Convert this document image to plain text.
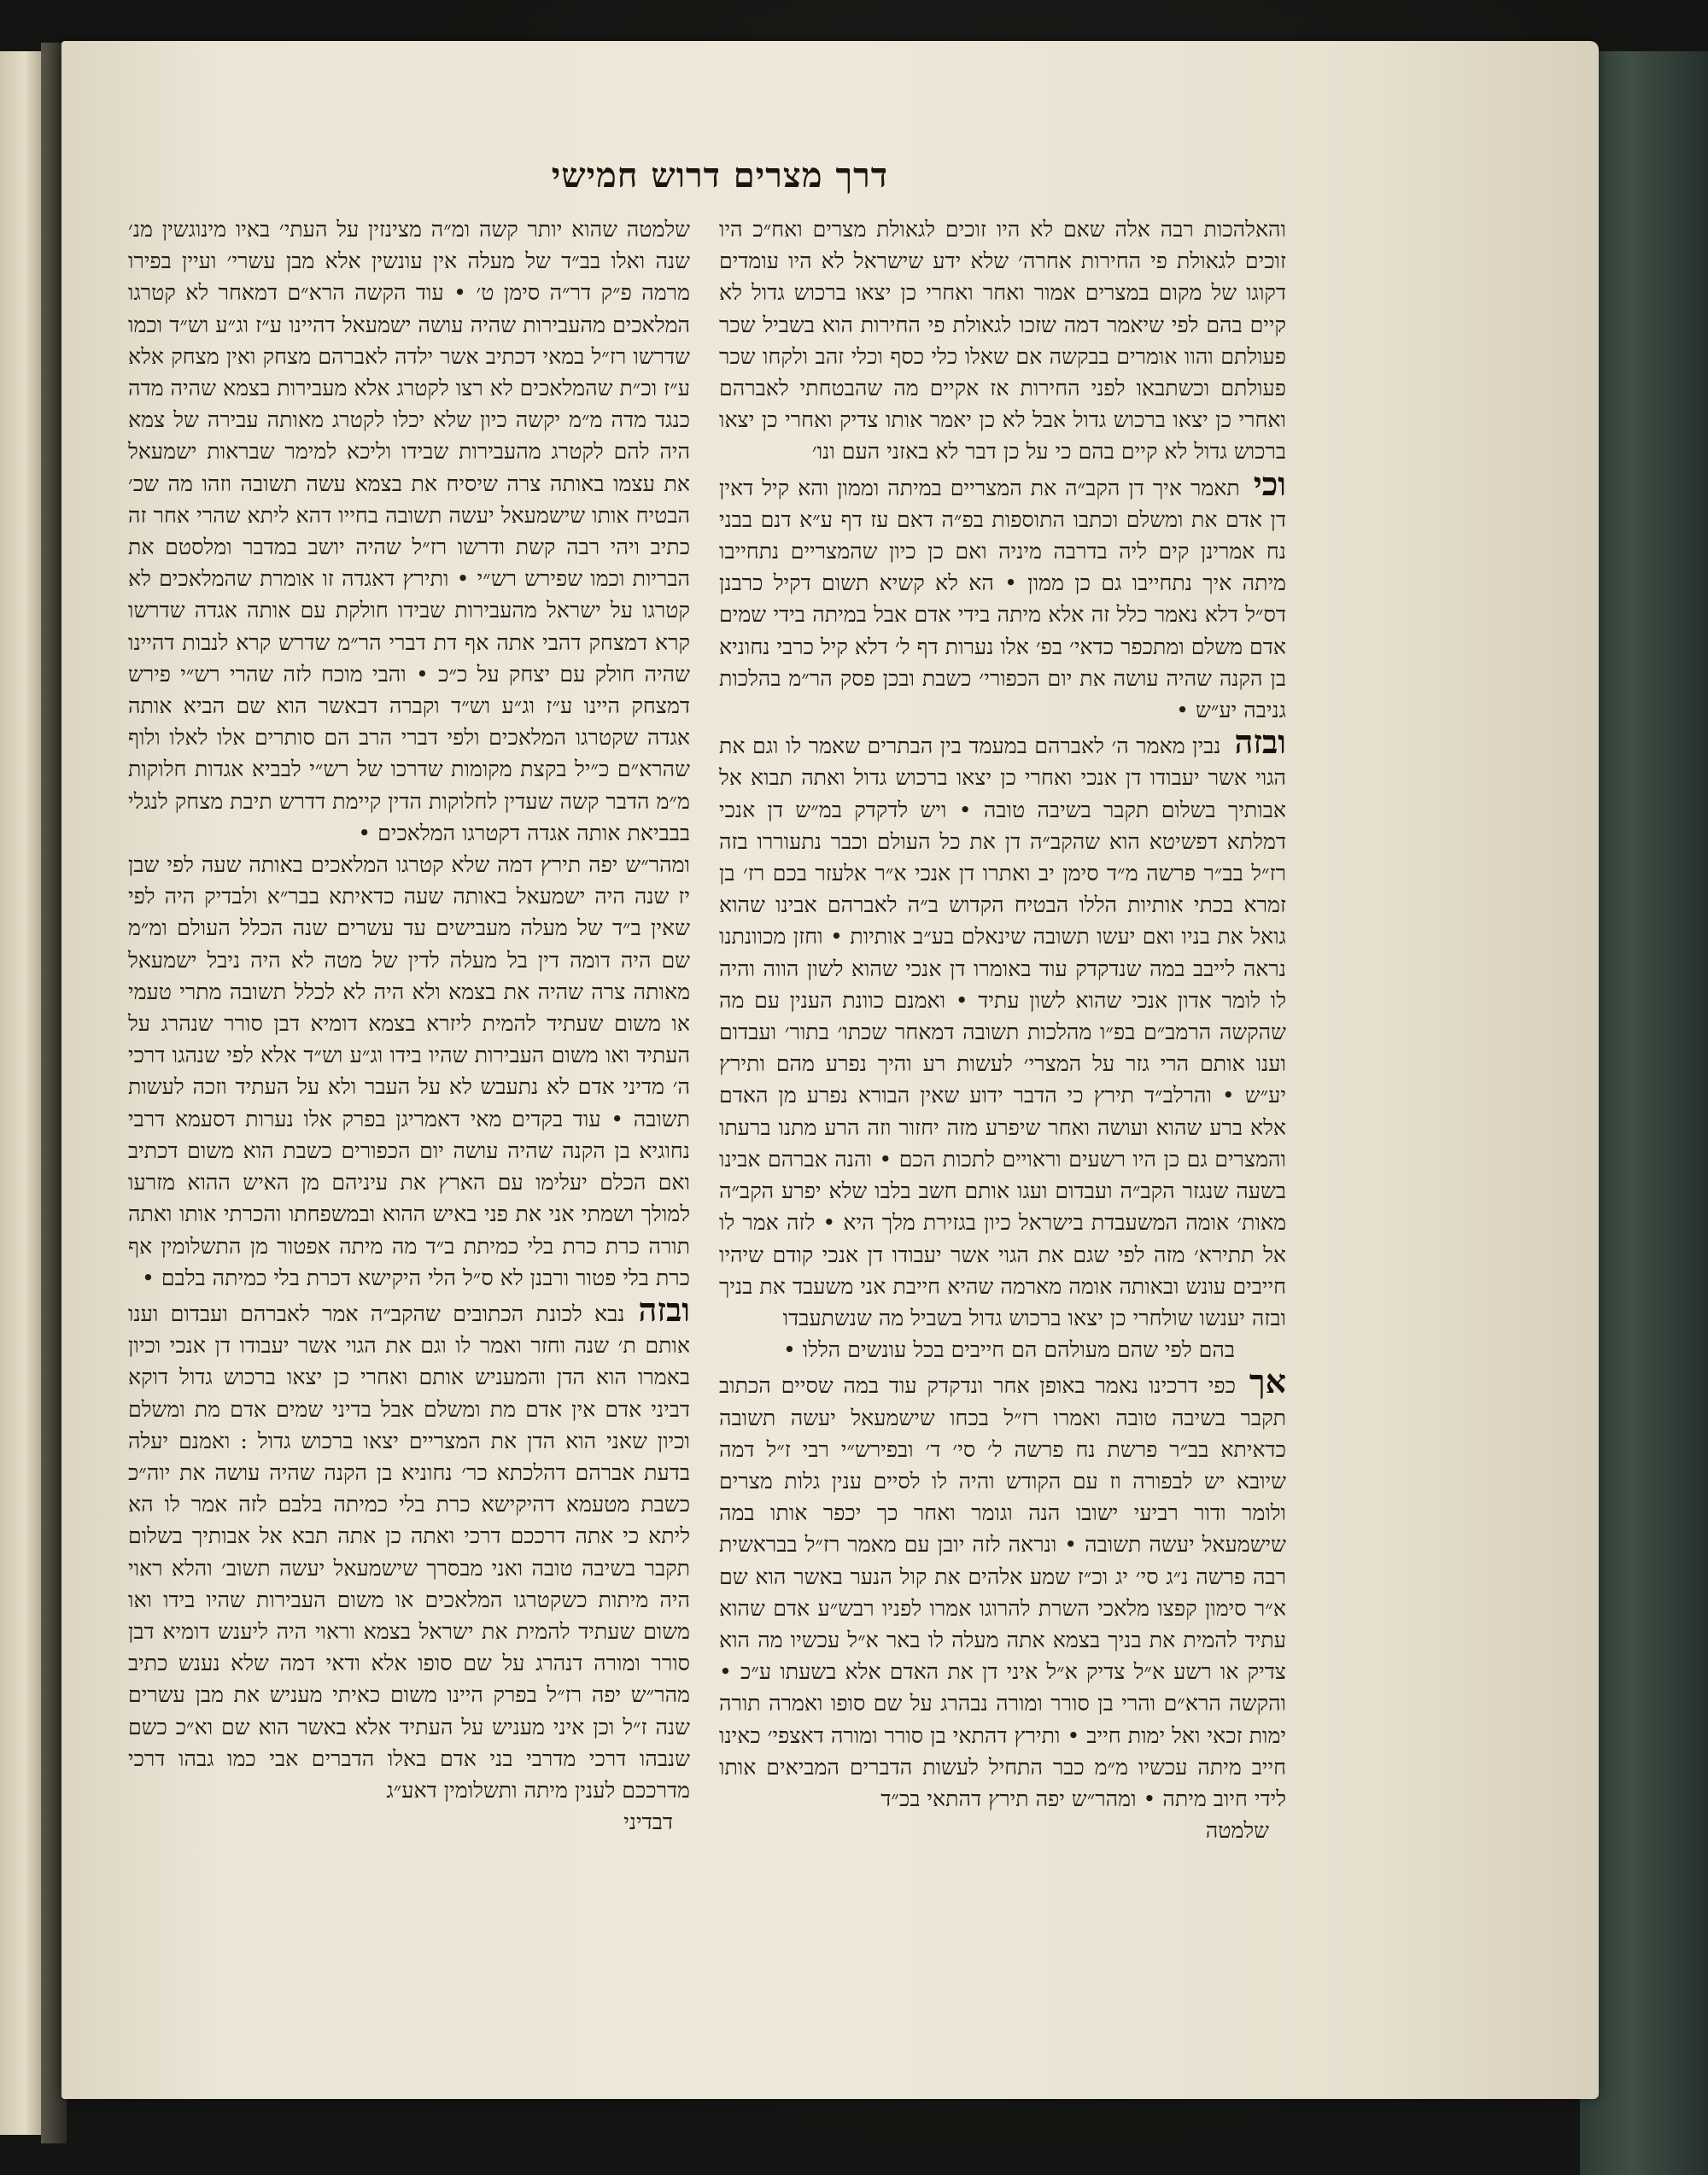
דרך מצרים דרוש חמישי

והאלהכות רבה אלה שאם לא היו זוכים לגאולת מצרים ואח״כ היו זוכים לגאולת פי החירות אחרה׳ שלא ידע שישראל לא היו עומדים דקוגו של מקום במצרים אמור ואחר ואחרי כן יצאו ברכוש גדול לא קיים בהם לפי שיאמר דמה שזכו לגאולת פי החירות הוא בשביל שכר פעולתם והוו אומרים בבקשה אם שאלו כלי כסף וכלי זהב ולקחו שכר פעולתם וכשתבאו לפני החירות אז אקיים מה שהבטחתי לאברהם ואחרי כן יצאו ברכוש גדול אבל לא כן יאמר אותו צדיק ואחרי כן יצאו ברכוש גדול לא קיים בהם כי על כן דבר לא באזני העם ונו׳

וכיתאמר איך דן הקב״ה את המצריים במיתה וממון והא קיל דאין דן אדם את ומשלם וכתבו התוספות בפ״ה דאם עז דף ע״א דנם בבני נח אמרינן קים ליה בדרבה מיניה ואם כן כיון שהמצריים נתחייבו מיתה איך נתחייבו גם כן ממון • הא לא קשיא תשום דקיל כרבנן דס״ל דלא נאמר כלל זה אלא מיתה בידי אדם אבל במיתה בידי שמים אדם משלם ומתכפר כדאי׳ בפ׳ אלו נערות דף ל׳ דלא קיל כרבי נחוניא בן הקנה שהיה עושה את יום הכפורי׳ כשבת ובכן פסק הר״מ בהלכות גניבה יע״ש •

ובזהנבין מאמר ה׳ לאברהם במעמד בין הבתרים שאמר לו וגם את הגוי אשר יעבודו דן אנכי ואחרי כן יצאו ברכוש גדול ואתה תבוא אל אבותיך בשלום תקבר בשיבה טובה • ויש לדקדק במ״ש דן אנכי דמלתא דפשיטא הוא שהקב״ה דן את כל העולם וכבר נתעוררו בזה רז״ל בב״ר פרשה מ״ד סימן יב ואתרו דן אנכי א״ר אלעזר בכם רז׳ בן זמרא בכתי אותיות הללו הבטיח הקדוש ב״ה לאברהם אבינו שהוא גואל את בניו ואם יעשו תשובה שינאלם בע״ב אותיות • וחזן מכוונתנו נראה לייבב במה שנדקדק עוד באומרו דן אנכי שהוא לשון הווה והיה לו לומר אדון אנכי שהוא לשון עתיד • ואמנם כוונת הענין עם מה שהקשה הרמב״ם בפ״ו מהלכות תשובה דמאחר שכתו׳ בתור׳ ועבדום וענו אותם הרי גזר על המצרי׳ לעשות רע והיך נפרע מהם ותירץ יע״ש • והרלב״ד תירץ כי הדבר ידוע שאין הבורא נפרע מן האדם אלא ברע שהוא ועושה ואחר שיפרע מזה יחזור וזה הרע מתנו ברעתו והמצרים גם כן היו רשעים וראויים לתכות הכם • והנה אברהם אבינו בשעה שנגזר הקב״ה ועבדום ועגו אותם חשב בלבו שלא יפרע הקב״ה מאות׳ אומה המשעבדת בישראל כיון בגזירת מלך היא • לזה אמר לו אל תתירא׳ מזה לפי שגם את הגוי אשר יעבודו דן אנכי קודם שיהיו חייבים עונש ובאותה אומה מארמה שהיא חייבת אני משעבד את בניך ובזה יענשו שולחרי כן יצאו ברכוש גדול בשביל מה שנשתעבדו

בהם לפי שהם מעולהם הם חייבים בכל עונשים הללו •

אךכפי דרכינו נאמר באופן אחר ונדקדק עוד במה שסיים הכתוב תקבר בשיבה טובה ואמרו רז״ל בכחו שישמעאל יעשה תשובה כדאיתא בב״ר פרשת נח פרשה ל׳ סי׳ ד׳ ובפירש״י רבי ז״ל דמה שיובא יש לבפורה וז עם הקודש והיה לו לסיים ענין גלות מצרים ולומר ודור רביעי ישובו הנה וגומר ואחר כך יכפר אותו במה שישמעאל יעשה תשובה • ונראה לזה יובן עם מאמר רז״ל בבראשית רבה פרשה נ״ג סי׳ יג וכ״ז שמע אלהים את קול הנער באשר הוא שם א״ר סימון קפצו מלאכי השרת להרוגו אמרו לפניו רבש״ע אדם שהוא עתיד להמית את בניך בצמא אתה מעלה לו באר א״ל עכשיו מה הוא צדיק או רשע א״ל צדיק א״ל איני דן את האדם אלא בשעתו ע״כ • והקשה הרא״ם והרי בן סורר ומורה נבהרג על שם סופו ואמרה תורה ימות זכאי ואל ימות חייב • ותירץ דהתאי בן סורר ומורה דאצפי׳ כאינו חייב מיתה עכשיו מ״מ כבר התחיל לעשות הדברים המביאים אותו לידי חיוב מיתה • ומהר״ש יפה תירץ דהתאי בכ״ד

שלמטה

שלמטה שהוא יותר קשה ומ״ה מצינזין על העתי׳ באיו מינוגשין מנ׳ שנה ואלו בב״ד של מעלה אין עונשין אלא מבן עשרי׳ ועיין בפירו מרמה פ״ק דר״ה סימן ט׳ • עוד הקשה הרא״ם דמאחר לא קטרגו המלאכים מהעבירות שהיה עושה ישמעאל דהיינו ע״ז וג״ע וש״ד וכמו שדרשו רז״ל במאי דכתיב אשר ילדה לאברהם מצחק ואין מצחק אלא ע״ז וכ״ת שהמלאכים לא רצו לקטרג אלא מעבירות בצמא שהיה מדה כנגד מדה מ״מ יקשה כיון שלא יכלו לקטרג מאותה עבירה של צמא היה להם לקטרג מהעבירות שבידו וליכא למימר שבראות ישמעאל את עצמו באותה צרה שיסיח את בצמא עשה תשובה וזהו מה שכ׳ הבטיח אותו שישמעאל יעשה תשובה בחייו דהא ליתא שהרי אחר זה כתיב ויהי רבה קשת ודרשו רז״ל שהיה יושב במדבר ומלסטם את הבריות וכמו שפירש רש״י • ותירץ דאגדה זו אומרת שהמלאכים לא קטרגו על ישראל מהעבירות שבידו חולקת עם אותה אגדה שדרשו קרא דמצחק דהבי אתה אף דת דברי הר״מ שדרש קרא לנבות דהיינו שהיה חולק עם יצחק על כ״כ • והבי מוכח לזה שהרי רש״י פירש דמצחק היינו ע״ז וג״ע וש״ד וקברה דבאשר הוא שם הביא אותה אגדה שקטרגו המלאכים ולפי דברי הרב הם סותרים אלו לאלו ולוף שהרא״ם כ״יל בקצת מקומות שדרכו של רש״י לבביא אגדות חלוקות מ״מ הדבר קשה שעדין לחלוקות הדין קיימת דדרש תיבת מצחק לנגלי בבביאת אותה אגדה דקטרגו המלאכים •

ומהר״ש יפה תירץ דמה שלא קטרגו המלאכים באותה שעה לפי שבן יז שנה היה ישמעאל באותה שעה כדאיתא בבר״א ולבדיק היה לפי שאין ב״ד של מעלה מעבישים עד עשרים שנה הכלל העולם ומ״מ שם היה דומה דין בל מעלה לדין של מטה לא היה ניבל ישמעאל מאותה צרה שהיה את בצמא ולא היה לא לכלל תשובה מתרי טעמי או משום שעתיד להמית ליזרא בצמא דומיא דבן סורר שנהרג על העתיד ואו משום העבירות שהיו בידו וג״ע וש״ד אלא לפי שנהגו דרכי ה׳ מדיני אדם לא נתעבש לא על העבר ולא על העתיד וזכה לעשות תשובה • עוד בקדים מאי דאמריגן בפרק אלו נערות דסעמא דרבי נחוגיא בן הקנה שהיה עושה יום הכפורים כשבת הוא משום דכתיב ואם הכלם יעלימו עם הארץ את עיניהם מן האיש ההוא מזרעו למולך ושמתי אני את פני באיש ההוא ובמשפחתו והכרתי אותו ואתה תורה כרת כרת בלי כמיתת ב״ד מה מיתה אפטור מן התשלומין אף כרת בלי פטור ורבנן לא ס״ל הלי היקישא דכרת בלי כמיתה בלבם •

ובזהנבא לכונת הכתובים שהקב״ה אמר לאברהם ועבדום וענו אותם ת׳ שנה וחזר ואמר לו וגם את הגוי אשר יעבודו דן אנכי וכיון באמרו הוא הדן והמעניש אותם ואחרי כן יצאו ברכוש גדול דוקא דביני אדם אין אדם מת ומשלם אבל בדיני שמים אדם מת ומשלם וכיון שאני הוא הדן את המצריים יצאו ברכוש גדול : ואמנם יעלה בדעת אברהם דהלכתא כר׳ נחוניא בן הקנה שהיה עושה את יוה״כ כשבת מטעמא דהיקישא כרת בלי כמיתה בלבם לזה אמר לו הא ליתא כי אתה דרככם דרכי ואתה כן אתה תבא אל אבותיך בשלום תקבר בשיבה טובה ואני מבסרך שישמעאל יעשה תשוב׳ והלא ראוי היה מיתות כשקטרגו המלאכים או משום העבירות שהיו בידו ואו משום שעתיד להמית את ישראל בצמא וראוי היה ליענש דומיא דבן סורר ומורה דנהרג על שם סופו אלא ודאי דמה שלא נענש כתיב מהר״ש יפה רז״ל בפרק היינו משום כאיתי מעניש את מבן עשרים שנה ז״ל וכן איני מעניש על העתיד אלא באשר הוא שם וא״כ כשם שנבהו דרכי מדרבי בני אדם באלו הדברים אבי כמו גבהו דרכי מדרככם לענין מיתה ותשלומין דאע״ג

דבדיני
